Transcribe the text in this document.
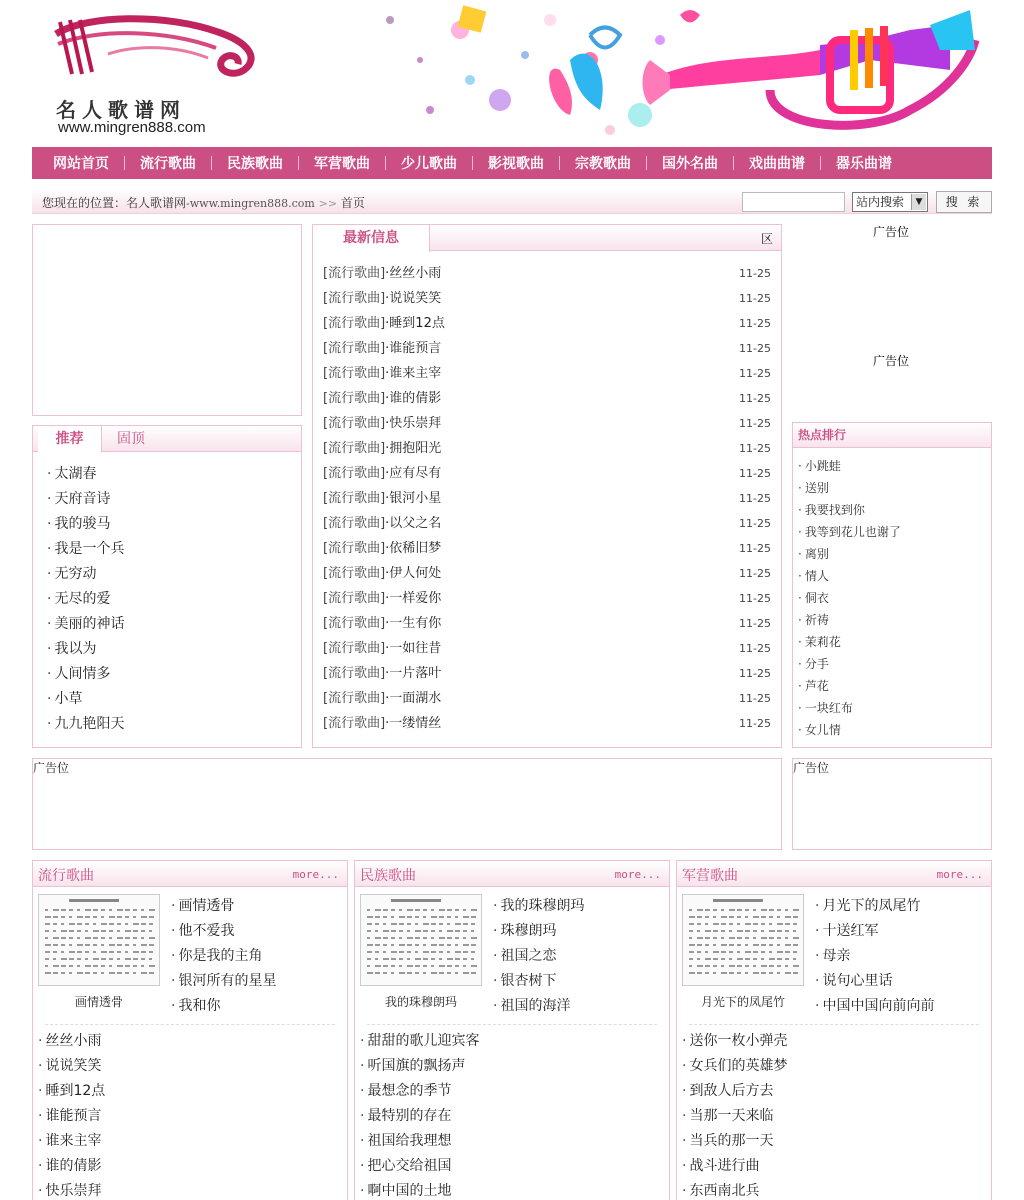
名人歌谱网
www.mingren888.com
网站首页	流行歌曲	民族歌曲	军营歌曲	少儿歌曲	影视歌曲	宗教歌曲	国外名曲	戏曲曲谱	器乐曲谱
您现在的位置：名人歌谱网-www.mingren888.com >> 首页	站内搜索	▼	搜 索
推荐	固顶
· 太湖春
· 天府音诗
· 我的骏马
· 我是一个兵
· 无穷动
· 无尽的爱
· 美丽的神话
· 我以为
· 人间情多
· 小草
· 九九艳阳天
最新信息	区
[流行歌曲]·丝丝小雨	11-25
[流行歌曲]·说说笑笑	11-25
[流行歌曲]·睡到12点	11-25
[流行歌曲]·谁能预言	11-25
[流行歌曲]·谁来主宰	11-25
[流行歌曲]·谁的倩影	11-25
[流行歌曲]·快乐崇拜	11-25
[流行歌曲]·拥抱阳光	11-25
[流行歌曲]·应有尽有	11-25
[流行歌曲]·银河小星	11-25
[流行歌曲]·以父之名	11-25
[流行歌曲]·依稀旧梦	11-25
[流行歌曲]·伊人何处	11-25
[流行歌曲]·一样爱你	11-25
[流行歌曲]·一生有你	11-25
[流行歌曲]·一如往昔	11-25
[流行歌曲]·一片落叶	11-25
[流行歌曲]·一面湖水	11-25
[流行歌曲]·一缕情丝	11-25
广告位
广告位
热点排行
· 小跳蛙
· 送别
· 我要找到你
· 我等到花儿也谢了
· 离别
· 情人
· 侗衣
· 祈祷
· 茉莉花
· 分手
· 芦花
· 一块红布
· 女儿情
广告位	广告位
流行歌曲	more...
画情透骨
· 画情透骨
· 他不爱我
· 你是我的主角
· 银河所有的星星
· 我和你
· 丝丝小雨
· 说说笑笑
· 睡到12点
· 谁能预言
· 谁来主宰
· 谁的倩影
· 快乐崇拜
民族歌曲	more...
我的珠穆朗玛
· 我的珠穆朗玛
· 珠穆朗玛
· 祖国之恋
· 银杏树下
· 祖国的海洋
· 甜甜的歌儿迎宾客
· 听国旗的飘扬声
· 最想念的季节
· 最特别的存在
· 祖国给我理想
· 把心交给祖国
· 啊中国的土地
军营歌曲	more...
月光下的凤尾竹
· 月光下的凤尾竹
· 十送红军
· 母亲
· 说句心里话
· 中国中国向前向前
· 送你一枚小弹壳
· 女兵们的英雄梦
· 到敌人后方去
· 当那一天来临
· 当兵的那一天
· 战斗进行曲
· 东西南北兵
